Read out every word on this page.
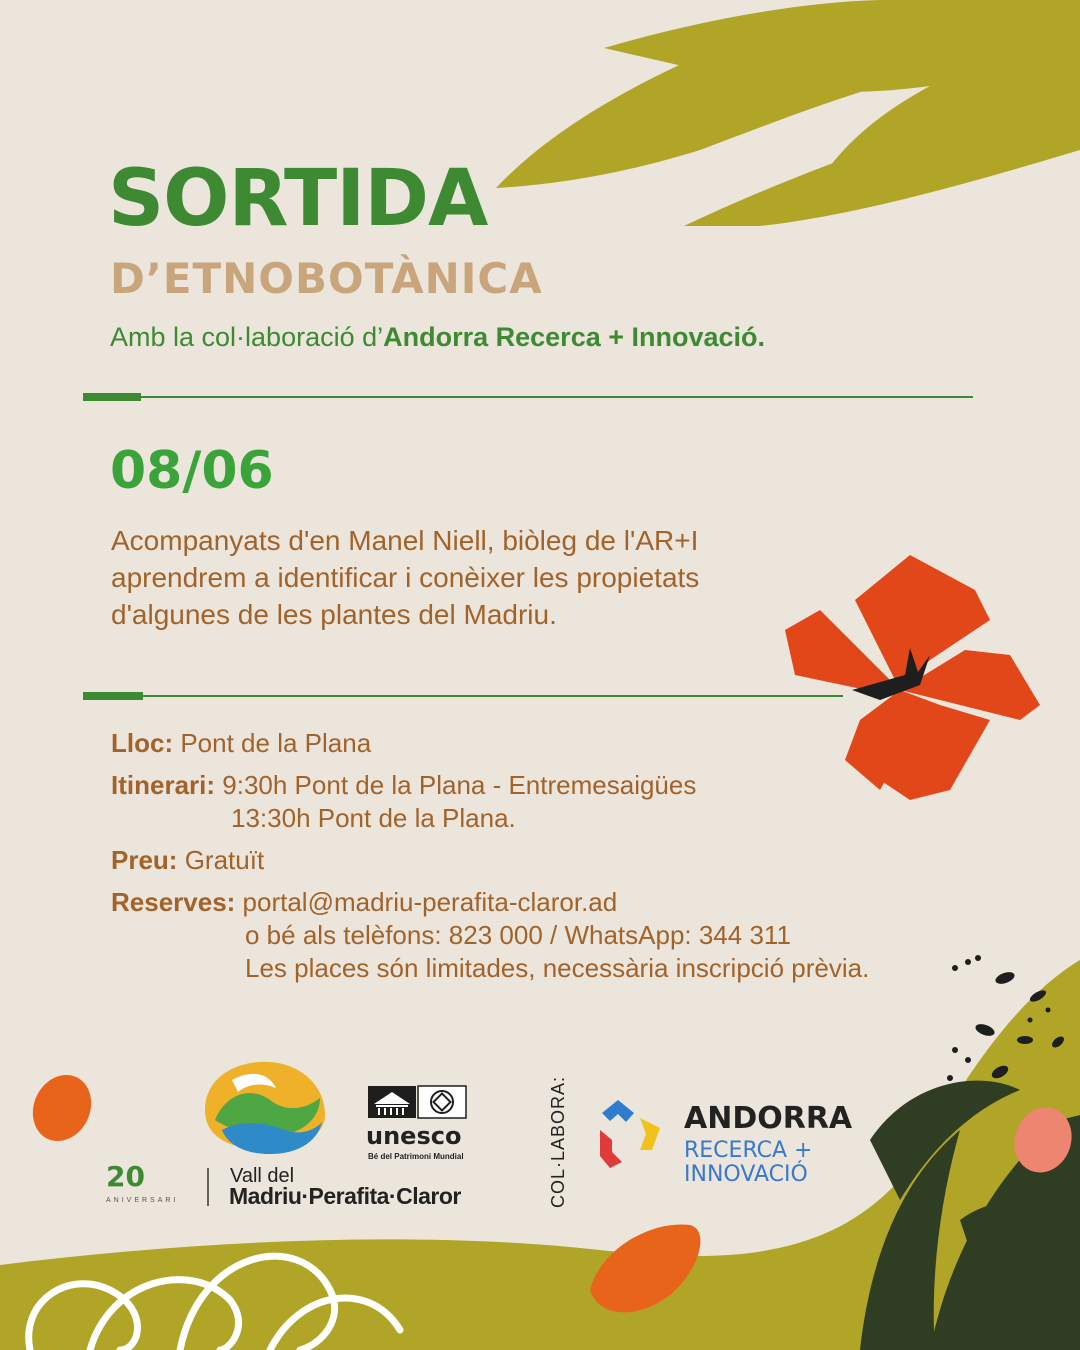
SORTIDA
D’ETNOBOTÀNICA
Amb la col·laboració d’Andorra Recerca + Innovació.
08/06
Acompanyats d'en Manel Niell, biòleg de l'AR+I
aprendrem a identificar i conèixer les propietats
d'algunes de les plantes del Madriu.
Lloc: Pont de la Plana
Itinerari: 9:30h Pont de la Plana - Entremesaigües
13:30h Pont de la Plana.
Preu: Gratuït
Reserves: portal@madriu-perafita-claror.ad
o bé als telèfons: 823 000 / WhatsApp: 344 311
Les places són limitades, necessària inscripció prèvia.
20
ANIVERSARI
Vall del
Madriu·Perafita·Claror
unesco
Bé del Patrimoni Mundial	COL·LABORA:	ANDORRA
RECERCA +
INNOVACIÓ
